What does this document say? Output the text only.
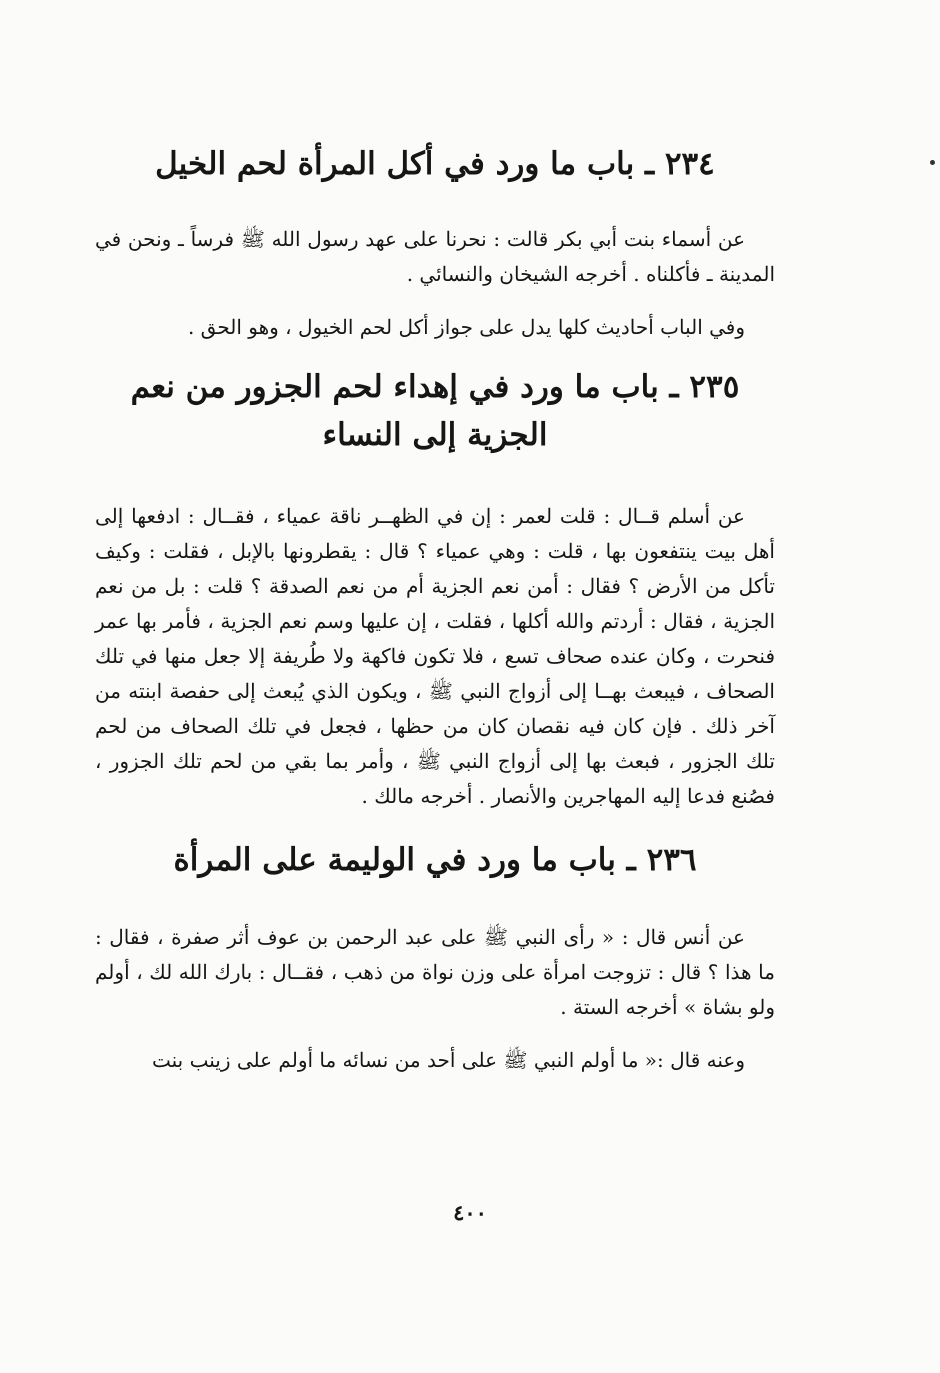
٢٣٤ ـ باب ما ورد في أكل المرأة لحم الخيل

عن أسماء بنت أبي بكر قالت : نحرنا على عهد رسول الله ﷺ فرساً ـ ونحن في المدينة ـ فأكلناه . أخرجه الشيخان والنسائي .

وفي الباب أحاديث كلها يدل على جواز أكل لحم الخيول ، وهو الحق .

٢٣٥ ـ باب ما ورد في إهداء لحم الجزور من نعم الجزية إلى النساء

عن أسلم قــال : قلت لعمر : إن في الظهــر ناقة عمياء ، فقــال : ادفعها إلى أهل بيت ينتفعون بها ، قلت : وهي عمياء ؟ قال : يقطرونها بالإبل ، فقلت : وكيف تأكل من الأرض ؟ فقال : أمن نعم الجزية أم من نعم الصدقة ؟ قلت : بل من نعم الجزية ، فقال : أردتم والله أكلها ، فقلت ، إن عليها وسم نعم الجزية ، فأمر بها عمر فنحرت ، وكان عنده صحاف تسع ، فلا تكون فاكهة ولا طُريفة إلا جعل منها في تلك الصحاف ، فيبعث بهــا إلى أزواج النبي ﷺ ، ويكون الذي يُبعث إلى حفصة ابنته من آخر ذلك . فإن كان فيه نقصان كان من حظها ، فجعل في تلك الصحاف من لحم تلك الجزور ، فبعث بها إلى أزواج النبي ﷺ ، وأمر بما بقي من لحم تلك الجزور ، فصُنع فدعا إليه المهاجرين والأنصار . أخرجه مالك .

٢٣٦ ـ باب ما ورد في الوليمة على المرأة

عن أنس قال : « رأى النبي ﷺ على عبد الرحمن بن عوف أثر صفرة ، فقال : ما هذا ؟ قال : تزوجت امرأة على وزن نواة من ذهب ، فقــال : بارك الله لك ، أولم ولو بشاة » أخرجه الستة .

وعنه قال :« ما أولم النبي ﷺ على أحد من نسائه ما أولم على زينب بنت

٤٠٠
